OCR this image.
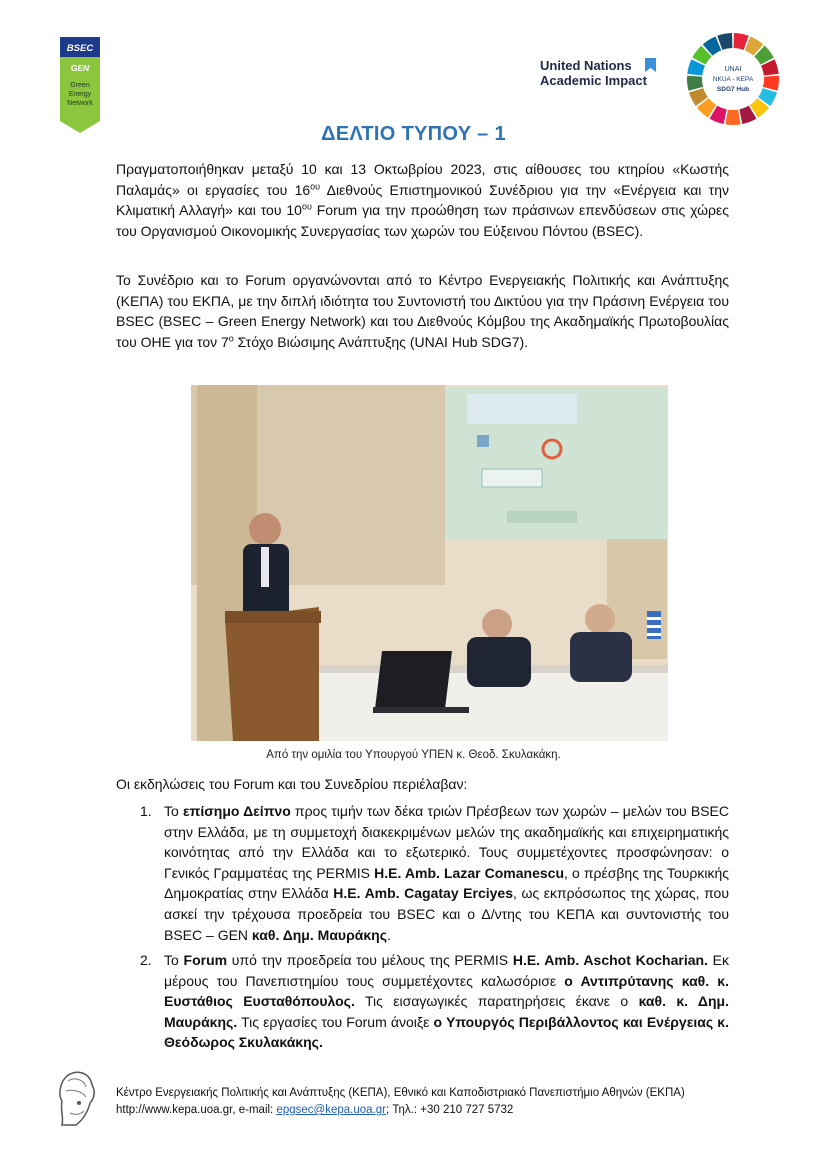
BSEC
GEN
Green
Energy
Network
United Nations
Academic Impact
UNAI
NKUA - KEPA
SDG7 Hub
ΔΕΛΤΙΟ ΤΥΠΟΥ – 1
Πραγματοποιήθηκαν μεταξύ 10 και 13 Οκτωβρίου 2023, στις αίθουσες του κτηρίου «Κωστής Παλαμάς» οι εργασίες του $16^{o\upsilon}$ Διεθνούς Επιστημονικού Συνέδριου για την «Ενέργεια και την Κλιματική Αλλαγή» και του $10^{o\upsilon}$ Forum για την προώθηση των πράσινων επενδύσεων στις χώρες του Οργανισμού Οικονομικής Συνεργασίας των χωρών του Εύξεινου Πόντου (BSEC).
Το Συνέδριο και το Forum οργανώνονται από το Κέντρο Ενεργειακής Πολιτικής και Ανάπτυξης (ΚΕΠΑ) του ΕΚΠΑ, με την διπλή ιδιότητα του Συντονιστή του Δικτύου για την Πράσινη Ενέργεια του BSEC (BSEC – Green Energy Network) και του Διεθνούς Κόμβου της Ακαδημαϊκής Πρωτοβουλίας του ΟΗΕ για τον $7^o$ Στόχο Βιώσιμης Ανάπτυξης (UNAI Hub SDG7).
Από την ομιλία του Υπουργού ΥΠΕΝ κ. Θεοδ. Σκυλακάκη.
Οι εκδηλώσεις του Forum και του Συνεδρίου περιέλαβαν:
1. Το επίσημο Δείπνο προς τιμήν των δέκα τριών Πρέσβεων των χωρών – μελών του BSEC στην Ελλάδα, με τη συμμετοχή διακεκριμένων μελών της ακαδημαϊκής και επιχειρηματικής κοινότητας από την Ελλάδα και το εξωτερικό. Τους συμμετέχοντες προσφώνησαν: ο Γενικός Γραμματέας της PERMIS H.E. Amb. Lazar Comanescu, ο πρέσβης της Τουρκικής Δημοκρατίας στην Ελλάδα H.E. Amb. Cagatay Erciyes, ως εκπρόσωπος της χώρας, που ασκεί την τρέχουσα προεδρεία του BSEC και ο Δ/ντης του ΚΕΠΑ και συντονιστής του BSEC – GEN καθ. Δημ. Μαυράκης.
2. Το Forum υπό την προεδρεία του μέλους της PERMIS H.E. Amb. Aschot Kocharian. Εκ μέρους του Πανεπιστημίου τους συμμετέχοντες καλωσόρισε ο Αντιπρύτανης καθ. κ. Ευστάθιος Ευσταθόπουλος. Τις εισαγωγικές παρατηρήσεις έκανε ο καθ. κ. Δημ. Μαυράκης. Τις εργασίες του Forum άνοιξε ο Υπουργός Περιβάλλοντος και Ενέργειας κ. Θεόδωρος Σκυλακάκης.
Κέντρο Ενεργειακής Πολιτικής και Ανάπτυξης (ΚΕΠΑ), Εθνικό και Καποδιστριακό Πανεπιστήμιο Αθηνών (ΕΚΠΑ)
http://www.kepa.uoa.gr, e-mail: epgsec@kepa.uoa.gr; Τηλ.: +30 210 727 5732
